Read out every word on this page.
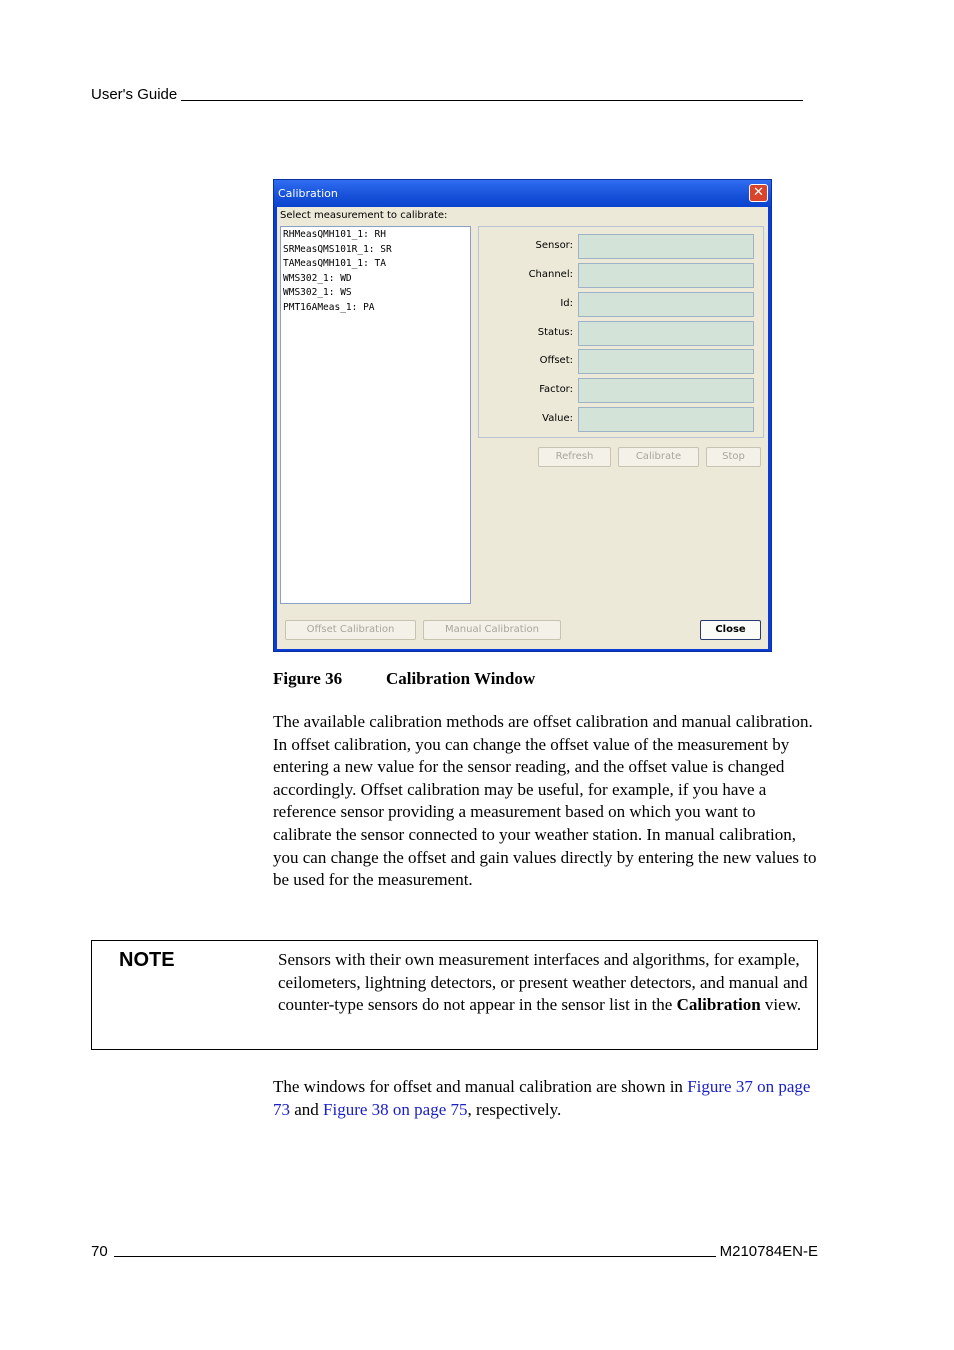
User's Guide
Calibration	✕
Select measurement to calibrate:
RHMeasQMH101_1: RH
SRMeasQMS101R_1: SR
TAMeasQMH101_1: TA
WMS302_1: WD
WMS302_1: WS
PMT16AMeas_1: PA
Sensor:
Channel:
Id:
Status:
Offset:
Factor:
Value:
Refresh	Calibrate	Stop
Offset Calibration	Manual Calibration	Close
Figure 36	Calibration Window
The available calibration methods are offset calibration and manual calibration. In offset calibration, you can change the offset value of the measurement by entering a new value for the sensor reading, and the offset value is changed accordingly. Offset calibration may be useful, for example, if you have a reference sensor providing a measurement based on which you want to calibrate the sensor connected to your weather station. In manual calibration, you can change the offset and gain values directly by entering the new values to be used for the measurement.
NOTE	Sensors with their own measurement interfaces and algorithms, for example, ceilometers, lightning detectors, or present weather detectors, and manual and counter-type sensors do not appear in the sensor list in the Calibration view.
The windows for offset and manual calibration are shown in Figure 37 on page 73 and Figure 38 on page 75, respectively.
70	M210784EN-E
